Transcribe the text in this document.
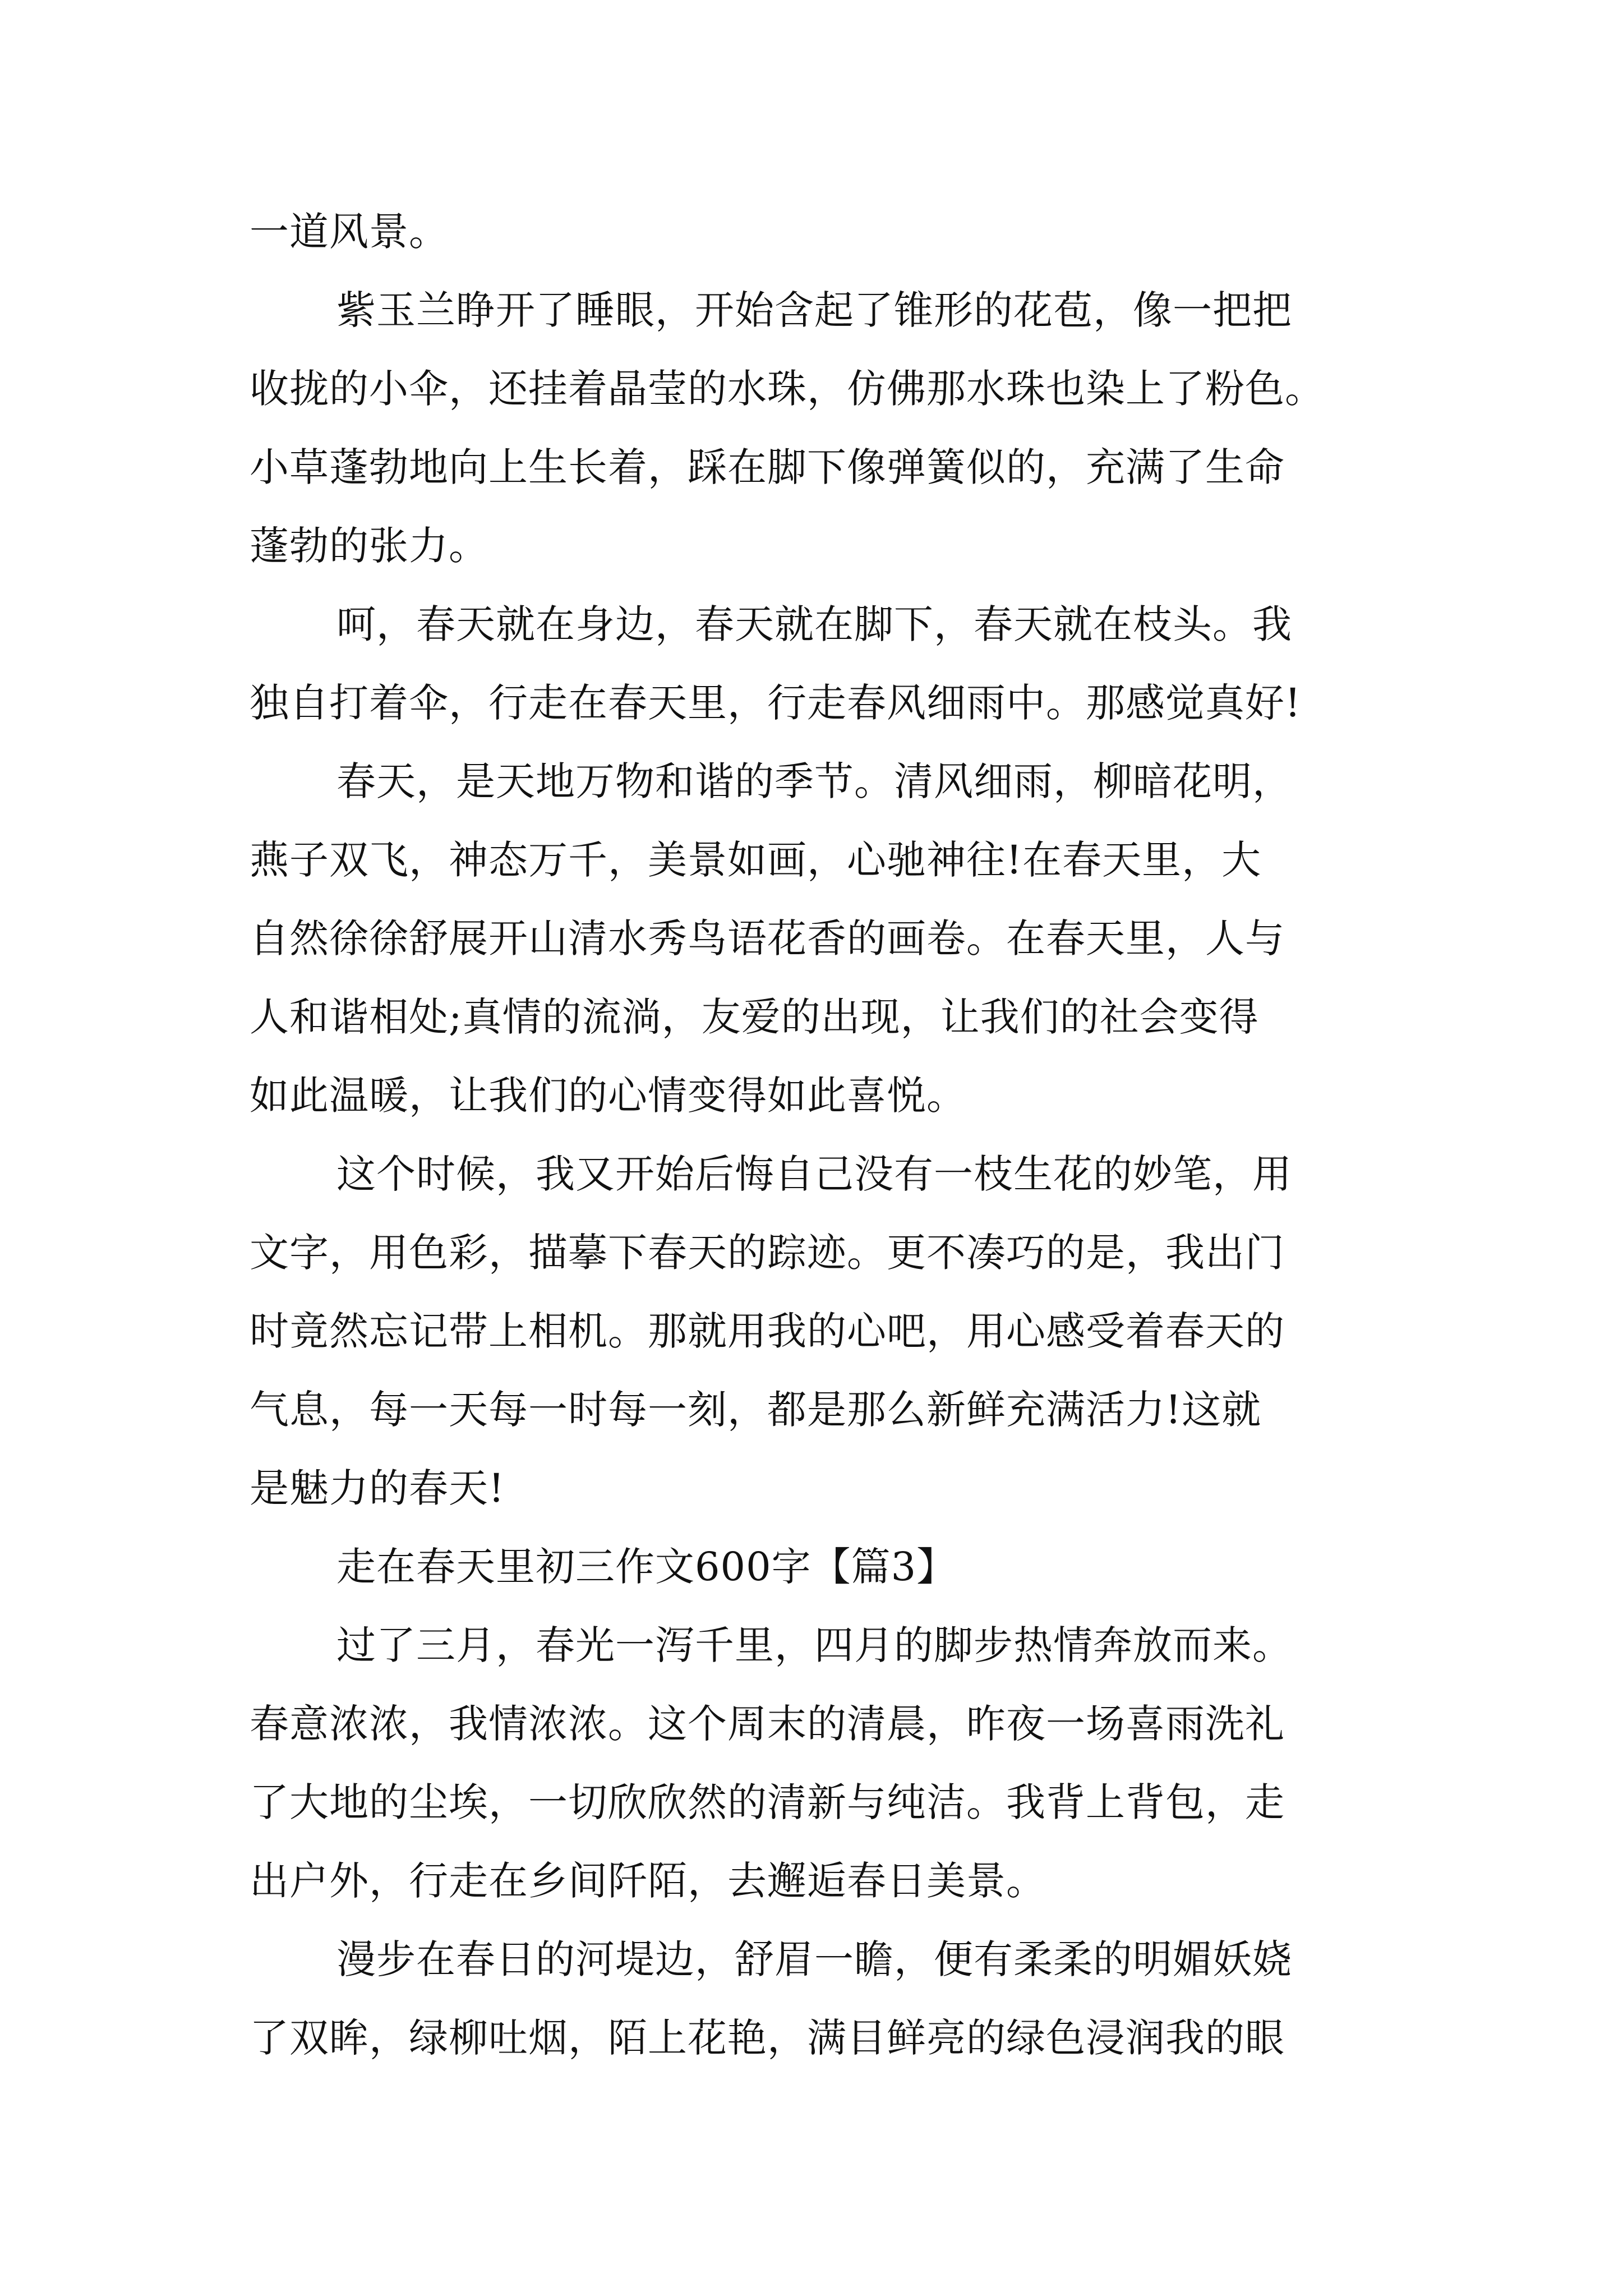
一道风景。
紫玉兰睁开了睡眼，开始含起了锥形的花苞，像一把把
收拢的小伞，还挂着晶莹的水珠，仿佛那水珠也染上了粉色。
小草蓬勃地向上生长着，踩在脚下像弹簧似的，充满了生命
蓬勃的张力。
呵，春天就在身边，春天就在脚下，春天就在枝头。我
独自打着伞，行走在春天里，行走春风细雨中。那感觉真好!
春天，是天地万物和谐的季节。清风细雨，柳暗花明，
燕子双飞，神态万千，美景如画，心驰神往!在春天里，大
自然徐徐舒展开山清水秀鸟语花香的画卷。在春天里，人与
人和谐相处;真情的流淌，友爱的出现，让我们的社会变得
如此温暖，让我们的心情变得如此喜悦。
这个时候，我又开始后悔自己没有一枝生花的妙笔，用
文字，用色彩，描摹下春天的踪迹。更不凑巧的是，我出门
时竟然忘记带上相机。那就用我的心吧，用心感受着春天的
气息，每一天每一时每一刻，都是那么新鲜充满活力!这就
是魅力的春天!
走在春天里初三作文600字【篇3】
过了三月，春光一泻千里，四月的脚步热情奔放而来。
春意浓浓，我情浓浓。这个周末的清晨，昨夜一场喜雨洗礼
了大地的尘埃，一切欣欣然的清新与纯洁。我背上背包，走
出户外，行走在乡间阡陌，去邂逅春日美景。
漫步在春日的河堤边，舒眉一瞻，便有柔柔的明媚妖娆
了双眸，绿柳吐烟，陌上花艳，满目鲜亮的绿色浸润我的眼
